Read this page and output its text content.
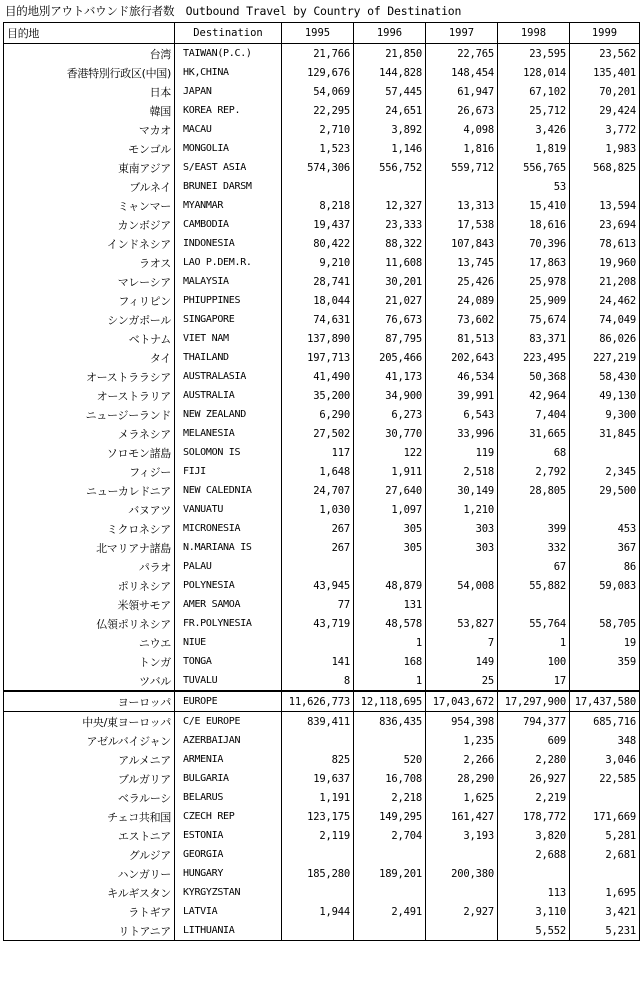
目的地別アウトバウンド旅行者数　Outbound Travel by Country of Destination
目的地	Destination	1995	1996	1997	1998	1999
台湾	TAIWAN(P.C.)	21,766	21,850	22,765	23,595	23,562
香港特別行政区(中国)	HK,CHINA	129,676	144,828	148,454	128,014	135,401
日本	JAPAN	54,069	57,445	61,947	67,102	70,201
韓国	KOREA REP.	22,295	24,651	26,673	25,712	29,424
マカオ	MACAU	2,710	3,892	4,098	3,426	3,772
モンゴル	MONGOLIA	1,523	1,146	1,816	1,819	1,983
東南アジア	S/EAST ASIA	574,306	556,752	559,712	556,765	568,825
ブルネイ	BRUNEI DARSM				53	
ミャンマー	MYANMAR	8,218	12,327	13,313	15,410	13,594
カンボジア	CAMBODIA	19,437	23,333	17,538	18,616	23,694
インドネシア	INDONESIA	80,422	88,322	107,843	70,396	78,613
ラオス	LAO P.DEM.R.	9,210	11,608	13,745	17,863	19,960
マレーシア	MALAYSIA	28,741	30,201	25,426	25,978	21,208
フィリピン	PHIUPPINES	18,044	21,027	24,089	25,909	24,462
シンガポール	SINGAPORE	74,631	76,673	73,602	75,674	74,049
ベトナム	VIET NAM	137,890	87,795	81,513	83,371	86,026
タイ	THAILAND	197,713	205,466	202,643	223,495	227,219
オーストララシア	AUSTRALASIA	41,490	41,173	46,534	50,368	58,430
オーストラリア	AUSTRALIA	35,200	34,900	39,991	42,964	49,130
ニュージーランド	NEW ZEALAND	6,290	6,273	6,543	7,404	9,300
メラネシア	MELANESIA	27,502	30,770	33,996	31,665	31,845
ソロモン諸島	SOLOMON IS	117	122	119	68	
フィジー	FIJI	1,648	1,911	2,518	2,792	2,345
ニューカレドニア	NEW CALEDNIA	24,707	27,640	30,149	28,805	29,500
バヌアツ	VANUATU	1,030	1,097	1,210		
ミクロネシア	MICRONESIA	267	305	303	399	453
北マリアナ諸島	N.MARIANA IS	267	305	303	332	367
パラオ	PALAU				67	86
ポリネシア	POLYNESIA	43,945	48,879	54,008	55,882	59,083
米領サモア	AMER SAMOA	77	131			
仏領ポリネシア	FR.POLYNESIA	43,719	48,578	53,827	55,764	58,705
ニウエ	NIUE		1	7	1	19
トンガ	TONGA	141	168	149	100	359
ツバル	TUVALU	8	1	25	17	
ヨーロッパ	EUROPE	11,626,773	12,118,695	17,043,672	17,297,900	17,437,580
中央/東ヨーロッパ	C/E EUROPE	839,411	836,435	954,398	794,377	685,716
アゼルバイジャン	AZERBAIJAN			1,235	609	348
アルメニア	ARMENIA	825	520	2,266	2,280	3,046
ブルガリア	BULGARIA	19,637	16,708	28,290	26,927	22,585
ベラルーシ	BELARUS	1,191	2,218	1,625	2,219	
チェコ共和国	CZECH REP	123,175	149,295	161,427	178,772	171,669
エストニア	ESTONIA	2,119	2,704	3,193	3,820	5,281
グルジア	GEORGIA				2,688	2,681
ハンガリー	HUNGARY	185,280	189,201	200,380		
キルギスタン	KYRGYZSTAN				113	1,695
ラトギア	LATVIA	1,944	2,491	2,927	3,110	3,421
リトアニア	LITHUANIA				5,552	5,231
